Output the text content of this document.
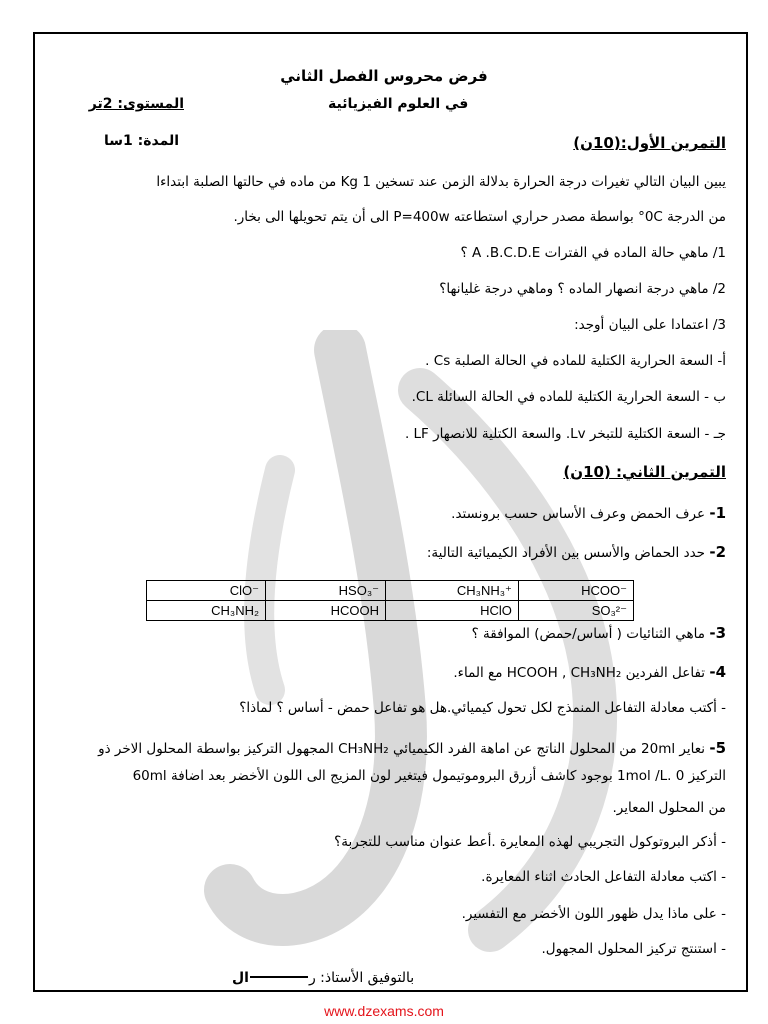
فرض محروس الفصل الثاني
في العلوم الفيزيائية
المستوى: 2تر
التمرين الأول:(10ن)
المدة: 1سا
يبين البيان التالي تغيرات درجة الحرارة بدلالة الزمن عند تسخين 1 Kg من ماده في حالتها الصلبة ابتداءا
من الدرجة 0C° بواسطة مصدر حراري استطاعته P=400w الى أن يتم تحويلها الى بخار.
1/ ماهي حالة الماده في الفترات A .B.C.D.E ؟
2/ ماهي درجة انصهار الماده ؟ وماهي درجة غليانها؟
3/ اعتمادا على البيان أوجد:
أ- السعة الحرارية الكتلية للماده في الحالة الصلبة Cs .
ب - السعة الحرارية الكتلية للماده في الحالة السائلة CL.
جـ - السعة الكتلية للتبخر Lv. والسعة الكتلية للانصهار LF .
التمرين الثاني: (10ن)
1- عرف الحمض وعرف الأساس حسب برونستد.
2- حدد الحماض والأسس بين الأفراد الكيميائية التالية:
ClO⁻	HSO₃⁻	CH₃NH₃⁺	HCOO⁻
CH₃NH₂	HCOOH	HClO	SO₃²⁻
3- ماهي الثنائيات ( أساس/حمض) الموافقة ؟
4- تفاعل الفردين HCOOH , CH₃NH₂ مع الماء.
- أكتب معادلة التفاعل المنمذج لكل تحول كيميائي.هل هو تفاعل حمض - أساس ؟ لماذا؟
5- نعاير 20ml من المحلول الناتج عن اماهة الفرد الكيميائي CH₃NH₂ المجهول التركيز بواسطة المحلول الاخر ذو
التركيز 0 .1mol /L بوجود كاشف أزرق البروموتيمول فيتغير لون المزيج الى اللون الأخضر بعد اضافة 60ml
من المحلول المعاير.
- أذكر البروتوكول التجريبي لهذه المعايرة .أعط عنوان مناسب للتجربة؟
- اكتب معادلة التفاعل الحادث اثناء المعايرة.
- على ماذا يدل ظهور اللون الأخضر مع التفسير.
- استنتج تركيز المحلول المجهول.
بالتوفيق الأستاذ: رال
www.dzexams.com
